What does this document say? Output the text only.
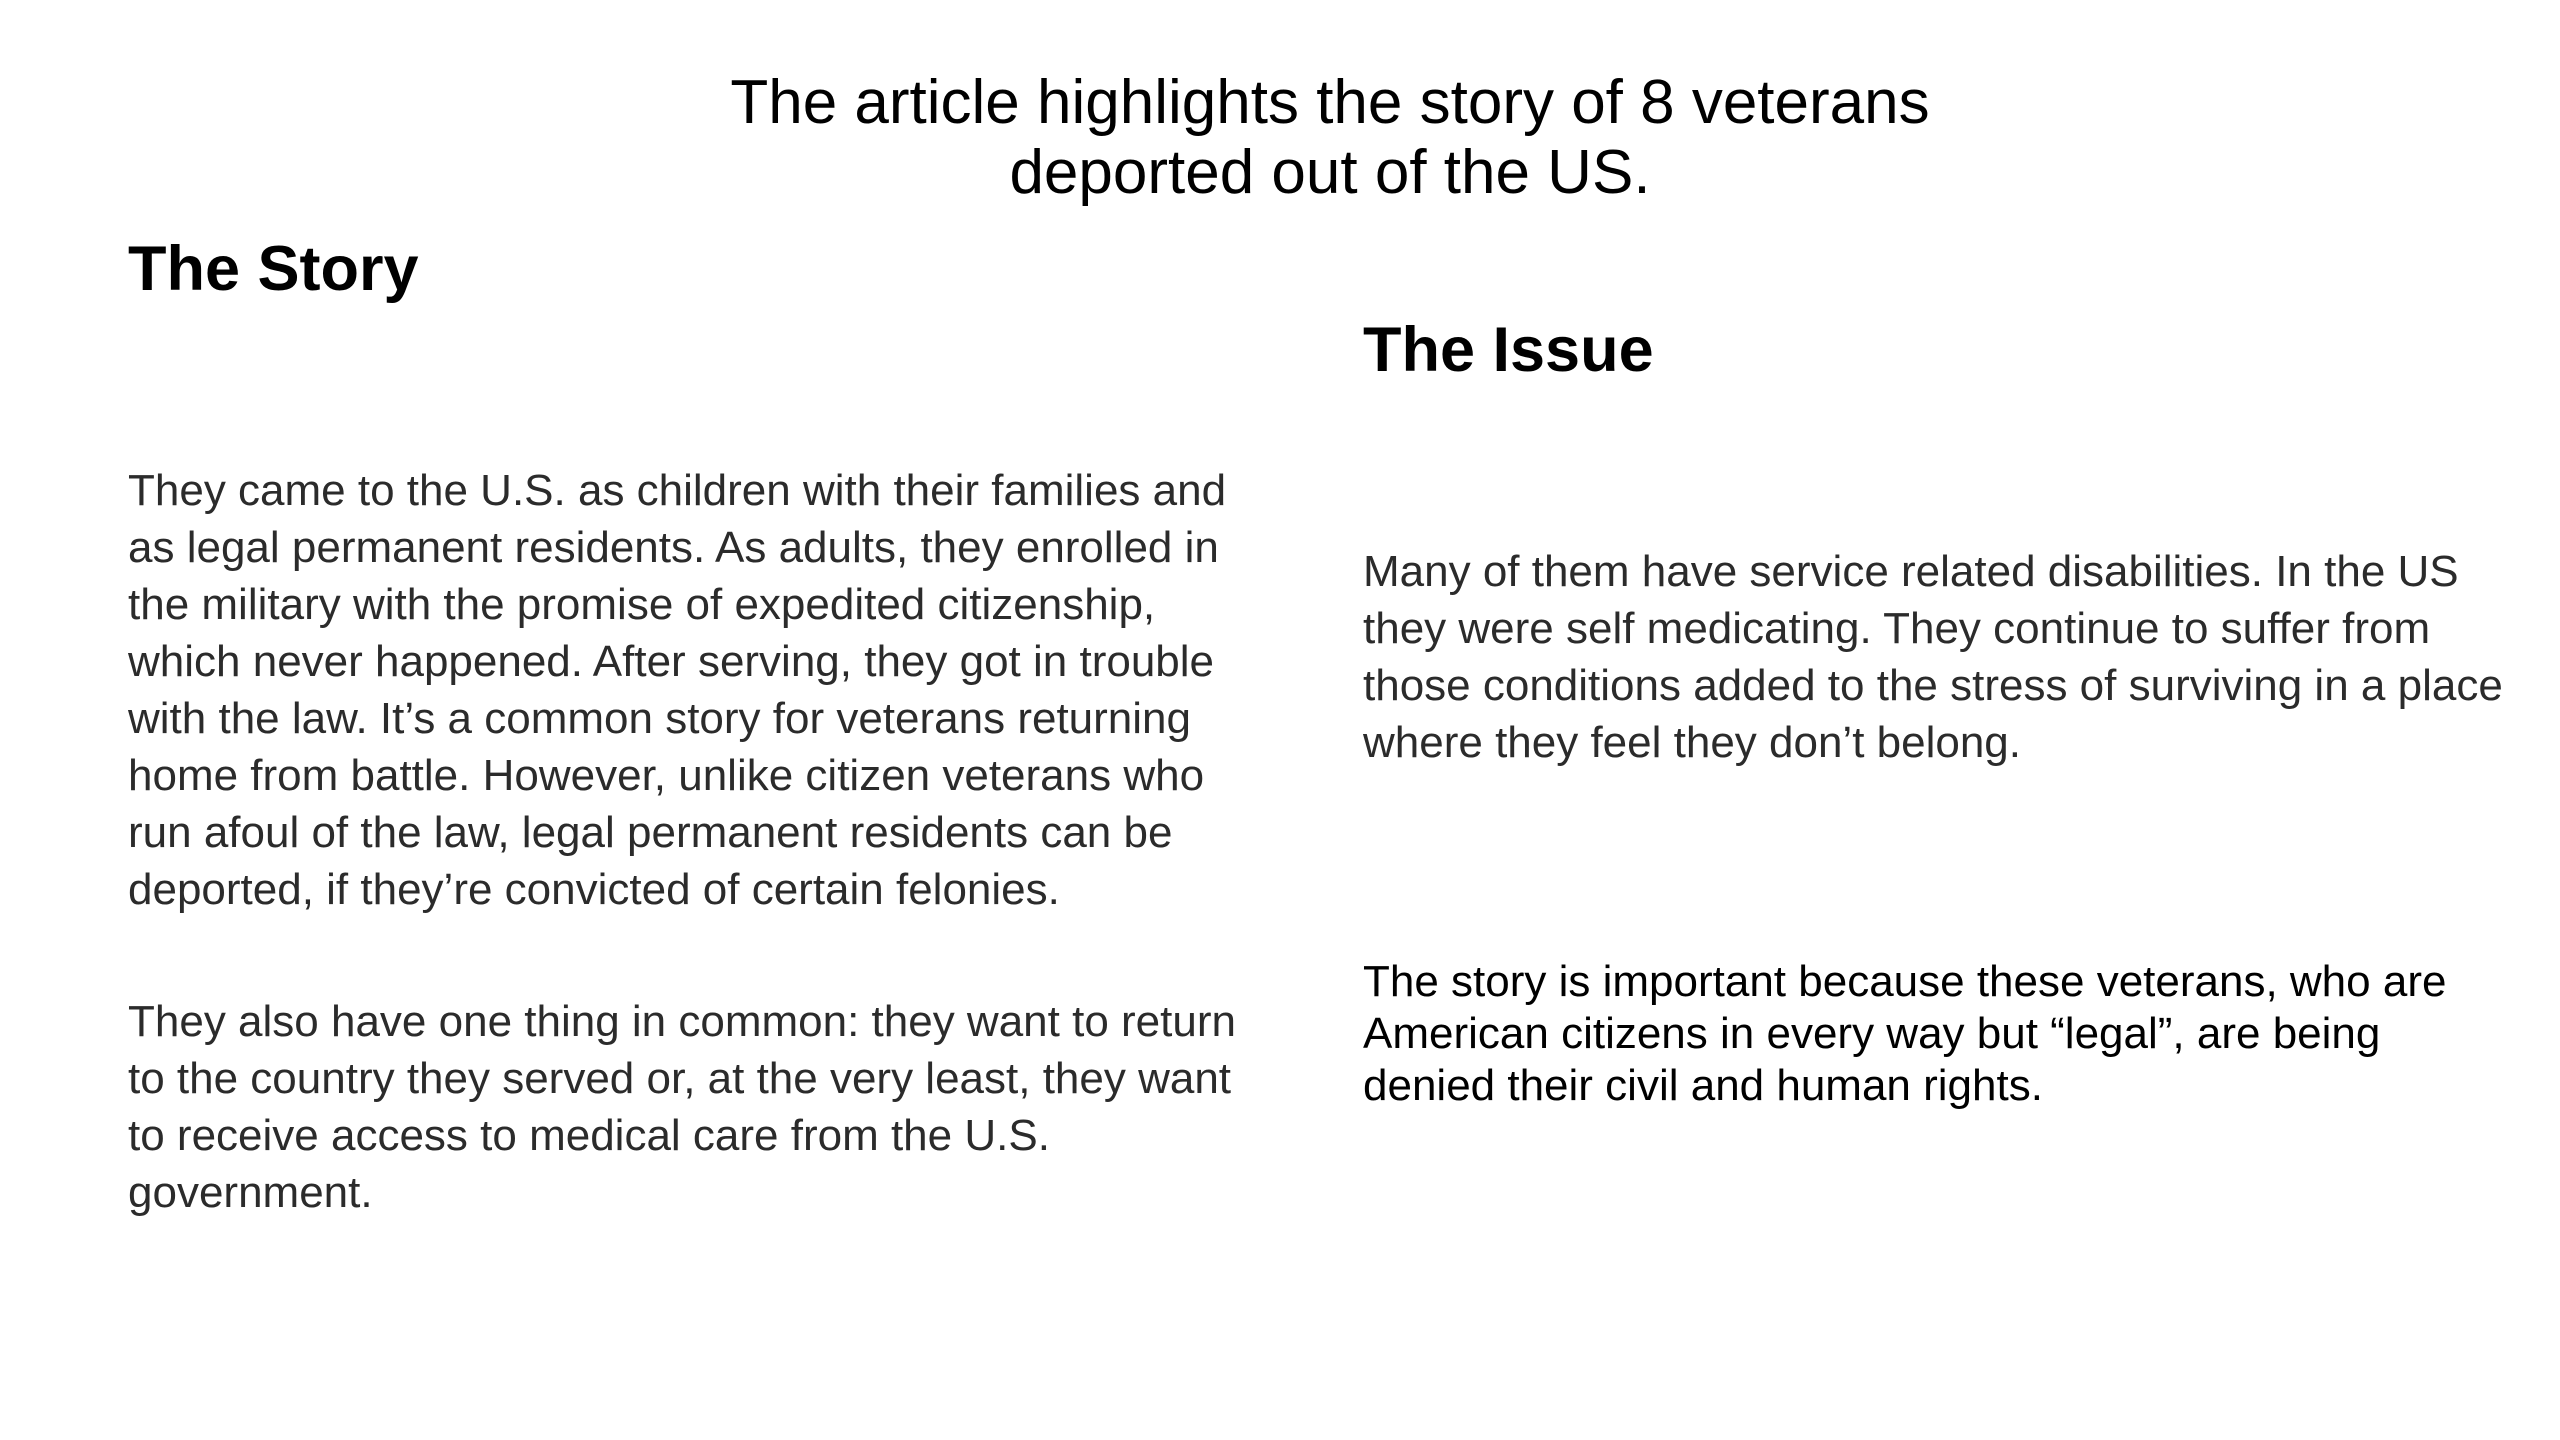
The article highlights the story of 8 veterans deported out of the US.
The Story

They came to the U.S. as children with their families and as legal permanent residents. As adults, they enrolled in the military with the promise of expedited citizenship, which never happened. After serving, they got in trouble with the law. It’s a common story for veterans returning home from battle. However, unlike citizen veterans who run afoul of the law, legal permanent residents can be deported, if they’re convicted of certain felonies.

They also have one thing in common: they want to return to the country they served or, at the very least, they want to receive access to medical care from the U.S. government.

The Issue

Many of them have service related disabilities. In the US they were self medicating. They continue to suffer from those conditions added to the stress of surviving in a place where they feel they don’t belong.

The story is important because these veterans, who are American citizens in every way but “legal”, are being denied their civil and human rights.
